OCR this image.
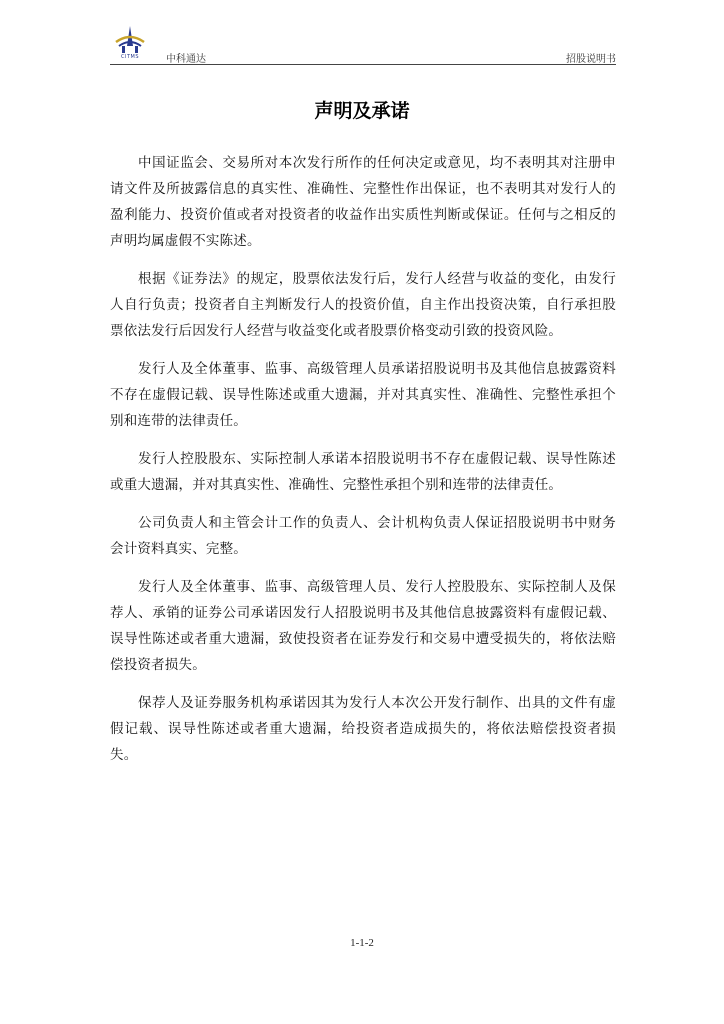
CITMS	中科通达	招股说明书
声明及承诺

中国证监会、交易所对本次发行所作的任何决定或意见，均不表明其对注册申请文件及所披露信息的真实性、准确性、完整性作出保证，也不表明其对发行人的盈利能力、投资价值或者对投资者的收益作出实质性判断或保证。任何与之相反的声明均属虚假不实陈述。

根据《证券法》的规定，股票依法发行后，发行人经营与收益的变化，由发行人自行负责；投资者自主判断发行人的投资价值，自主作出投资决策，自行承担股票依法发行后因发行人经营与收益变化或者股票价格变动引致的投资风险。

发行人及全体董事、监事、高级管理人员承诺招股说明书及其他信息披露资料不存在虚假记载、误导性陈述或重大遗漏，并对其真实性、准确性、完整性承担个别和连带的法律责任。

发行人控股股东、实际控制人承诺本招股说明书不存在虚假记载、误导性陈述或重大遗漏，并对其真实性、准确性、完整性承担个别和连带的法律责任。

公司负责人和主管会计工作的负责人、会计机构负责人保证招股说明书中财务会计资料真实、完整。

发行人及全体董事、监事、高级管理人员、发行人控股股东、实际控制人及保荐人、承销的证券公司承诺因发行人招股说明书及其他信息披露资料有虚假记载、误导性陈述或者重大遗漏，致使投资者在证券发行和交易中遭受损失的，将依法赔偿投资者损失。

保荐人及证券服务机构承诺因其为发行人本次公开发行制作、出具的文件有虚假记载、误导性陈述或者重大遗漏，给投资者造成损失的，将依法赔偿投资者损失。

1-1-2
